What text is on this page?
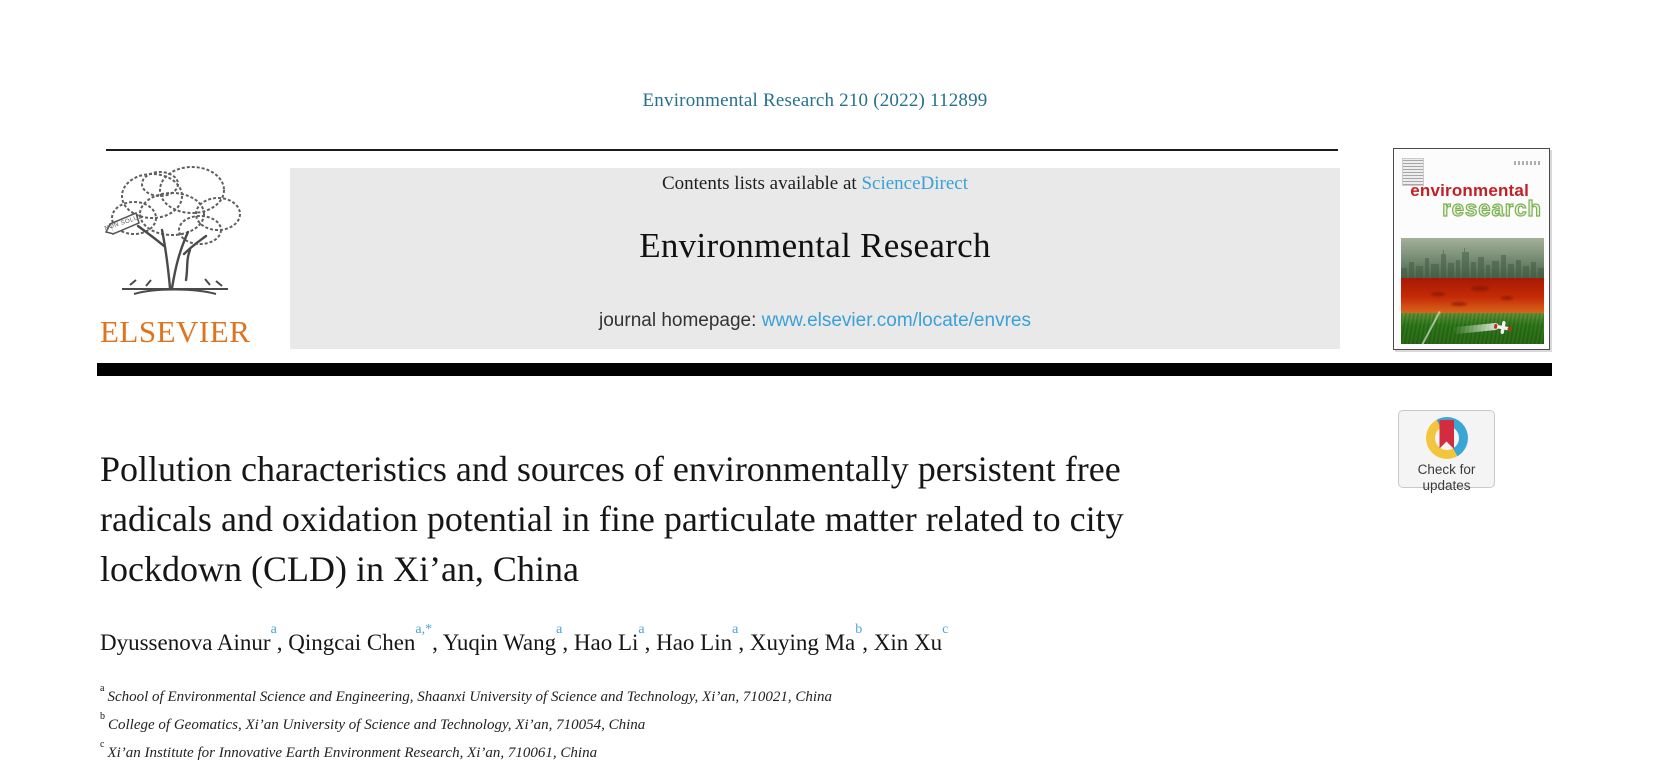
Environmental Research 210 (2022) 112899
NON SOLUS
ELSEVIER
Contents lists available at ScienceDirect
Environmental Research
journal homepage: www.elsevier.com/locate/envres
environmental
research
Check for
updates
Pollution characteristics and sources of environmentally persistent free
radicals and oxidation potential in fine particulate matter related to city
lockdown (CLD) in Xi’an, China
Dyussenova Ainur$^a$, Qingcai Chen$^{a,*}$, Yuqin Wang$^a$, Hao Li$^a$, Hao Lin$^a$, Xuying Ma$^b$, Xin Xu$^c$
$^a$School of Environmental Science and Engineering, Shaanxi University of Science and Technology, Xi’an, 710021, China
$^b$College of Geomatics, Xi’an University of Science and Technology, Xi’an, 710054, China
$^c$Xi’an Institute for Innovative Earth Environment Research, Xi’an, 710061, China
